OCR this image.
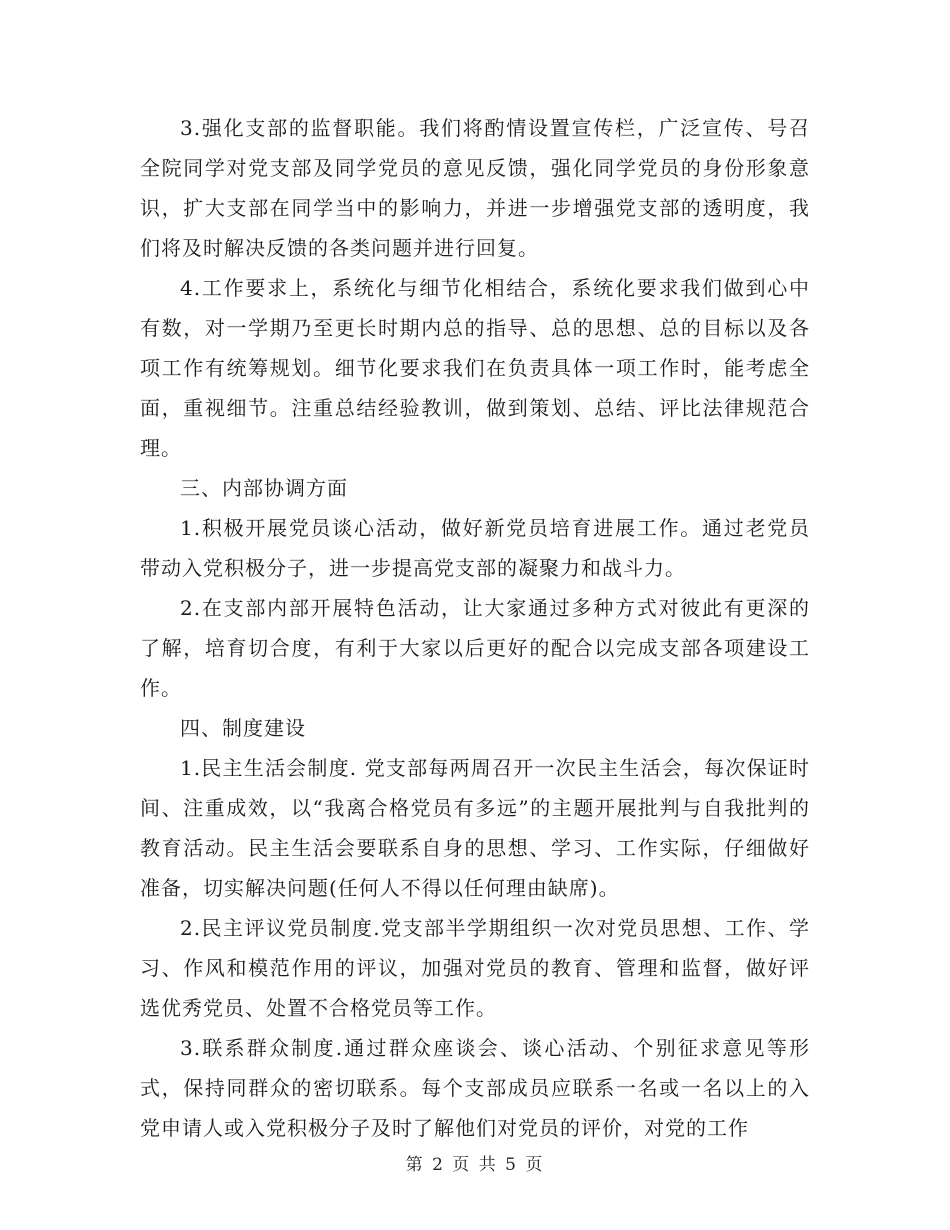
3.强化支部的监督职能。我们将酌情设置宣传栏，广泛宣传、号召全院同学对党支部及同学党员的意见反馈，强化同学党员的身份形象意识，扩大支部在同学当中的影响力，并进一步增强党支部的透明度，我们将及时解决反馈的各类问题并进行回复。

4.工作要求上，系统化与细节化相结合，系统化要求我们做到心中有数，对一学期乃至更长时期内总的指导、总的思想、总的目标以及各项工作有统筹规划。细节化要求我们在负责具体一项工作时，能考虑全面，重视细节。注重总结经验教训，做到策划、总结、评比法律规范合理。

三、内部协调方面

1.积极开展党员谈心活动，做好新党员培育进展工作。通过老党员带动入党积极分子，进一步提高党支部的凝聚力和战斗力。

2.在支部内部开展特色活动，让大家通过多种方式对彼此有更深的了解，培育切合度，有利于大家以后更好的配合以完成支部各项建设工作。

四、制度建设

1.民主生活会制度. 党支部每两周召开一次民主生活会，每次保证时间、注重成效，以“我离合格党员有多远”的主题开展批判与自我批判的教育活动。民主生活会要联系自身的思想、学习、工作实际，仔细做好准备，切实解决问题(任何人不得以任何理由缺席)。

2.民主评议党员制度.党支部半学期组织一次对党员思想、工作、学习、作风和模范作用的评议，加强对党员的教育、管理和监督，做好评选优秀党员、处置不合格党员等工作。

3.联系群众制度.通过群众座谈会、谈心活动、个别征求意见等形式，保持同群众的密切联系。每个支部成员应联系一名或一名以上的入党申请人或入党积极分子及时了解他们对党员的评价，对党的工作

第 2 页 共 5 页
